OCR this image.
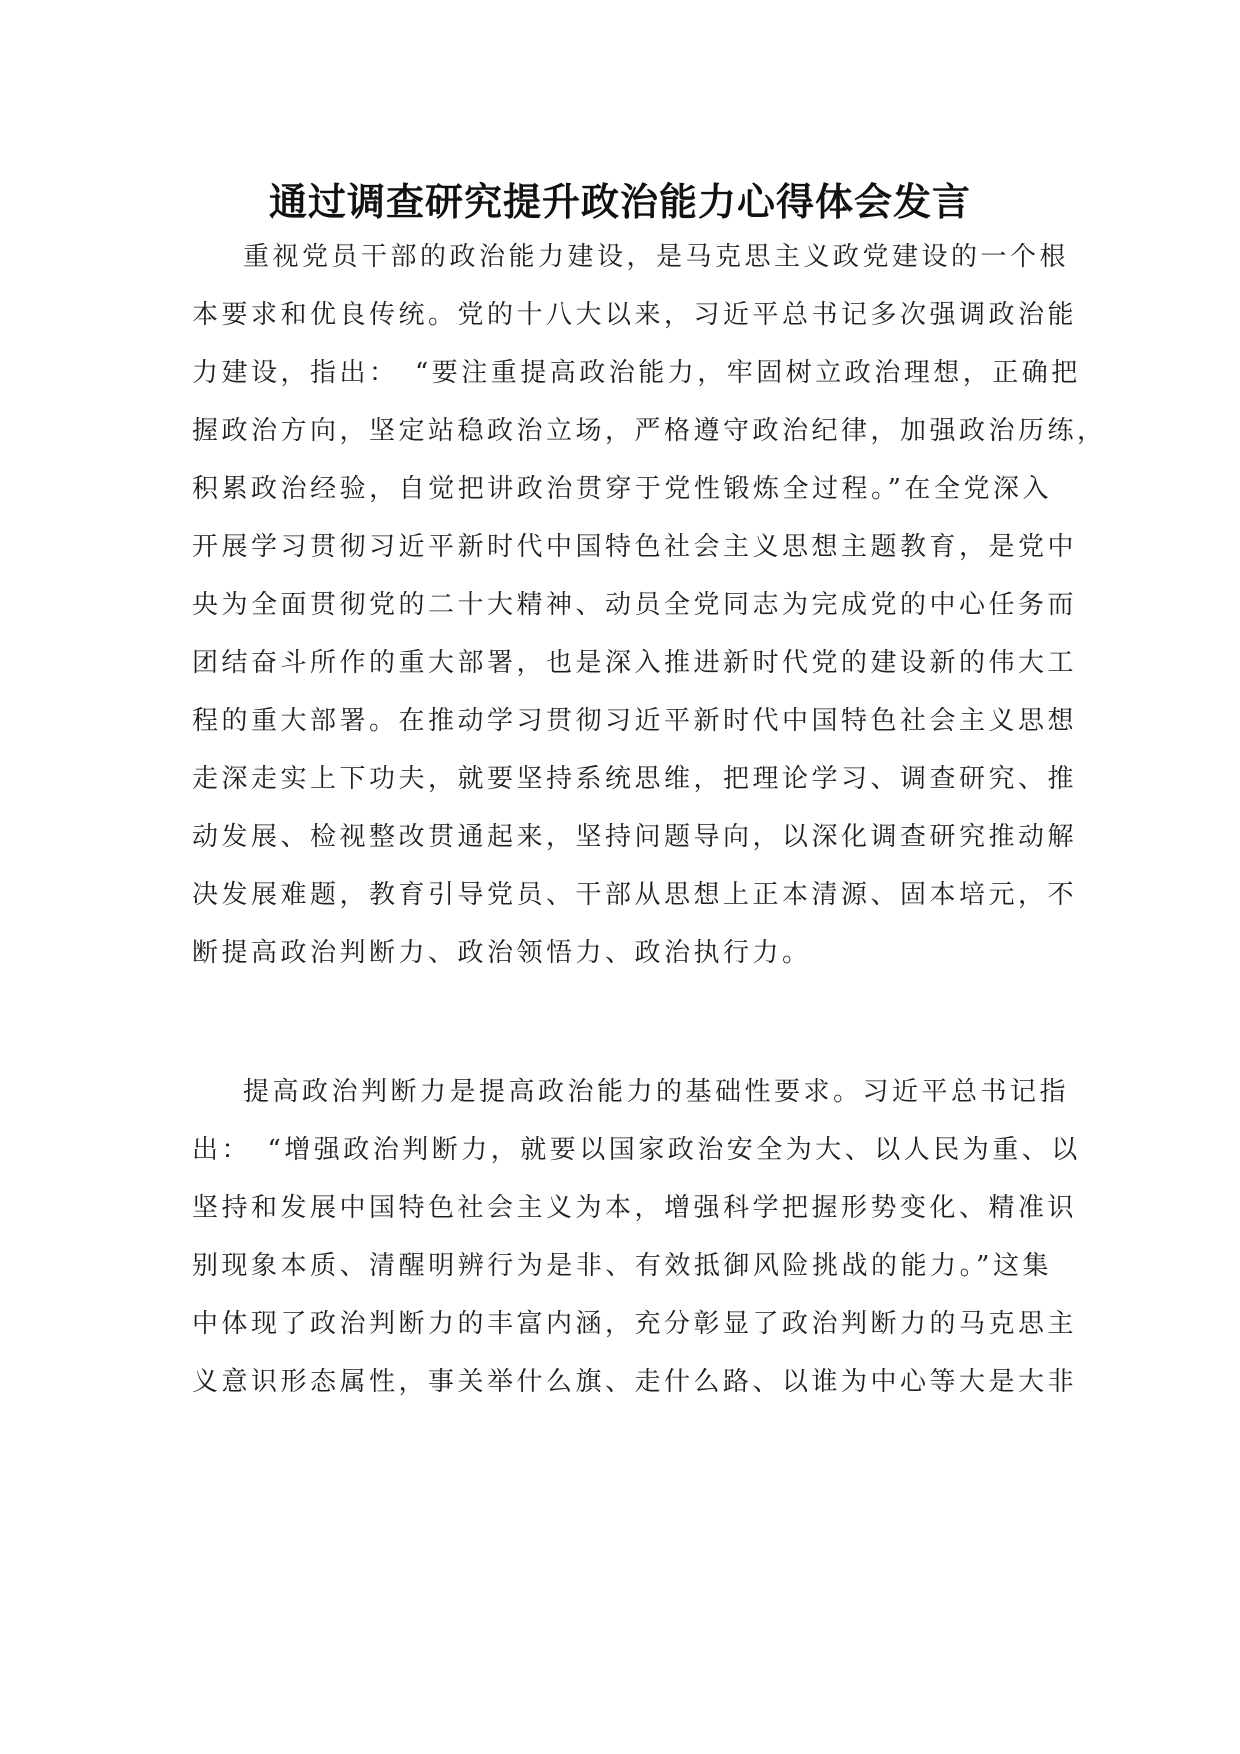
通过调查研究提升政治能力心得体会发言
重视党员干部的政治能力建设，是马克思主义政党建设的一个根
本要求和优良传统。党的十八大以来，习近平总书记多次强调政治能
力建设，指出：　“要注重提高政治能力，牢固树立政治理想，正确把
握政治方向，坚定站稳政治立场，严格遵守政治纪律，加强政治历练，
积累政治经验，自觉把讲政治贯穿于党性锻炼全过程。”在全党深入
开展学习贯彻习近平新时代中国特色社会主义思想主题教育，是党中
央为全面贯彻党的二十大精神、动员全党同志为完成党的中心任务而
团结奋斗所作的重大部署，也是深入推进新时代党的建设新的伟大工
程的重大部署。在推动学习贯彻习近平新时代中国特色社会主义思想
走深走实上下功夫，就要坚持系统思维，把理论学习、调查研究、推
动发展、检视整改贯通起来，坚持问题导向，以深化调查研究推动解
决发展难题，教育引导党员、干部从思想上正本清源、固本培元，不
断提高政治判断力、政治领悟力、政治执行力。
提高政治判断力是提高政治能力的基础性要求。习近平总书记指
出：　“增强政治判断力，就要以国家政治安全为大、以人民为重、以
坚持和发展中国特色社会主义为本，增强科学把握形势变化、精准识
别现象本质、清醒明辨行为是非、有效抵御风险挑战的能力。”这集
中体现了政治判断力的丰富内涵，充分彰显了政治判断力的马克思主
义意识形态属性，事关举什么旗、走什么路、以谁为中心等大是大非
